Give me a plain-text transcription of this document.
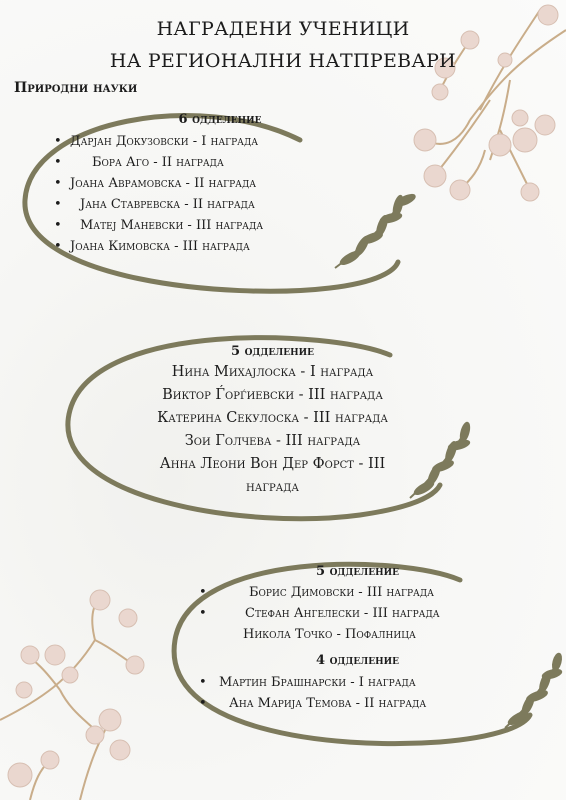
НАГРАДЕНИ УЧЕНИЦИ
НА РЕГИОНАЛНИ НАТПРЕВАРИ
Природни науки
6 одделение
• Дарјан Докузовски - I награда
• Бора Аго - II награда
• Јоана Аврамовска - II награда
• Јана Ставревска - II награда
• Матеј Маневски - III награда
• Јоана Кимовска - III награда
5 одделение
Нина Михајлоска - I награда
Виктор Ѓорѓиевски - III награда
Катерина Секулоска - III награда
Зои Голчева - III награда
Анна Леони Вон Дер Форст - III
награда
5 одделение
• Борис Димовски - III награда
• Стефан Ангелески - III награда
Никола Точко - Пофалница
4 одделение
• Мартин Брашнарски - I награда
• Ана Марија Темова - II награда
